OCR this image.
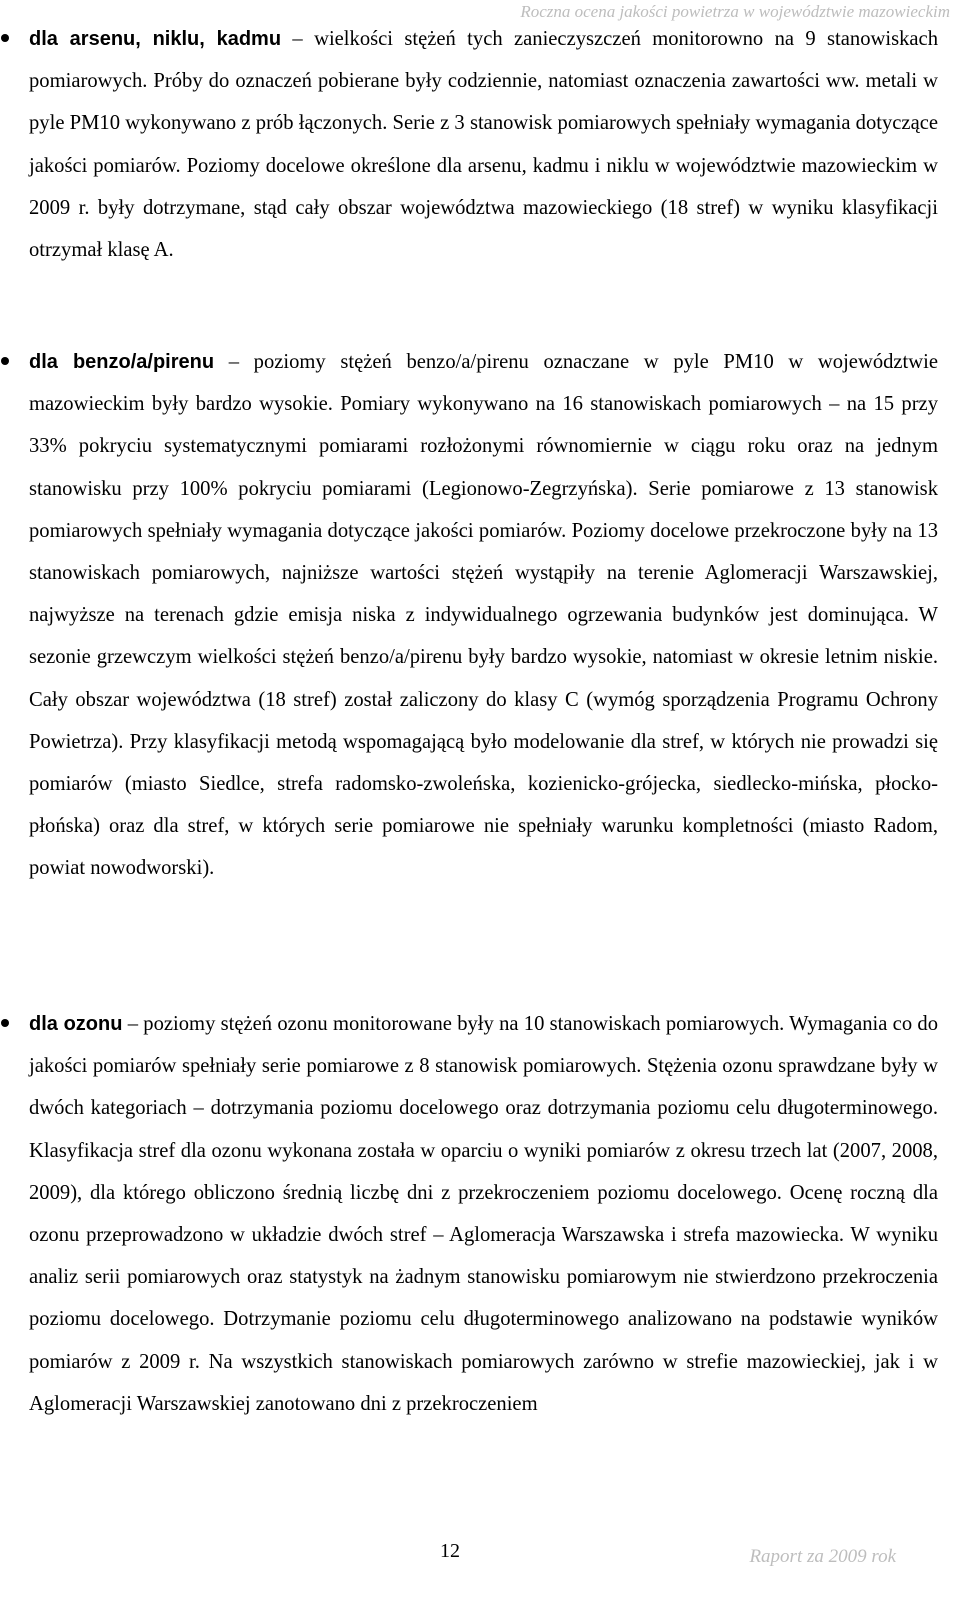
Roczna ocena jakości powietrza w województwie mazowieckim

dla arsenu, niklu, kadmu – wielkości stężeń tych zanieczyszczeń monitorowno na 9 stanowiskach pomiarowych. Próby do oznaczeń pobierane były codziennie, natomiast oznaczenia zawartości ww. metali w pyle PM10 wykonywano z prób łączonych. Serie z 3 stanowisk pomiarowych spełniały wymagania dotyczące jakości pomiarów. Poziomy docelowe określone dla arsenu, kadmu i niklu w województwie mazowieckim w 2009 r. były dotrzymane, stąd cały obszar województwa mazowieckiego (18 stref) w wyniku klasyfikacji otrzymał klasę A.

dla benzo/a/pirenu – poziomy stężeń benzo/a/pirenu oznaczane w pyle PM10 w województwie mazowieckim były bardzo wysokie. Pomiary wykonywano na 16 stanowiskach pomiarowych – na 15 przy 33% pokryciu systematycznymi pomiarami rozłożonymi równomiernie w ciągu roku oraz na jednym stanowisku przy 100% pokryciu pomiarami (Legionowo-Zegrzyńska). Serie pomiarowe z 13 stanowisk pomiarowych spełniały wymagania dotyczące jakości pomiarów. Poziomy docelowe przekroczone były na 13 stanowiskach pomiarowych, najniższe wartości stężeń wystąpiły na terenie Aglomeracji Warszawskiej, najwyższe na terenach gdzie emisja niska z indywidualnego ogrzewania budynków jest dominująca. W sezonie grzewczym wielkości stężeń benzo/a/pirenu były bardzo wysokie, natomiast w okresie letnim niskie. Cały obszar województwa (18 stref) został zaliczony do klasy C (wymóg sporządzenia Programu Ochrony Powietrza). Przy klasyfikacji metodą wspomagającą było modelowanie dla stref, w których nie prowadzi się pomiarów (miasto Siedlce, strefa radomsko-zwoleńska, kozienicko-grójecka, siedlecko-mińska, płocko-płońska) oraz dla stref, w których serie pomiarowe nie spełniały warunku kompletności (miasto Radom, powiat nowodworski).

dla ozonu – poziomy stężeń ozonu monitorowane były na 10 stanowiskach pomiarowych. Wymagania co do jakości pomiarów spełniały serie pomiarowe z 8 stanowisk pomiarowych. Stężenia ozonu sprawdzane były w dwóch kategoriach – dotrzymania poziomu docelowego oraz dotrzymania poziomu celu długoterminowego. Klasyfikacja stref dla ozonu wykonana została w oparciu o wyniki pomiarów z okresu trzech lat (2007, 2008, 2009), dla którego obliczono średnią liczbę dni z przekroczeniem poziomu docelowego. Ocenę roczną dla ozonu przeprowadzono w układzie dwóch stref – Aglomeracja Warszawska i strefa mazowiecka. W wyniku analiz serii pomiarowych oraz statystyk na żadnym stanowisku pomiarowym nie stwierdzono przekroczenia poziomu docelowego. Dotrzymanie poziomu celu długoterminowego analizowano na podstawie wyników pomiarów z 2009 r. Na wszystkich stanowiskach pomiarowych zarówno w strefie mazowieckiej, jak i w Aglomeracji Warszawskiej zanotowano dni z przekroczeniem

12	Raport za 2009 rok
